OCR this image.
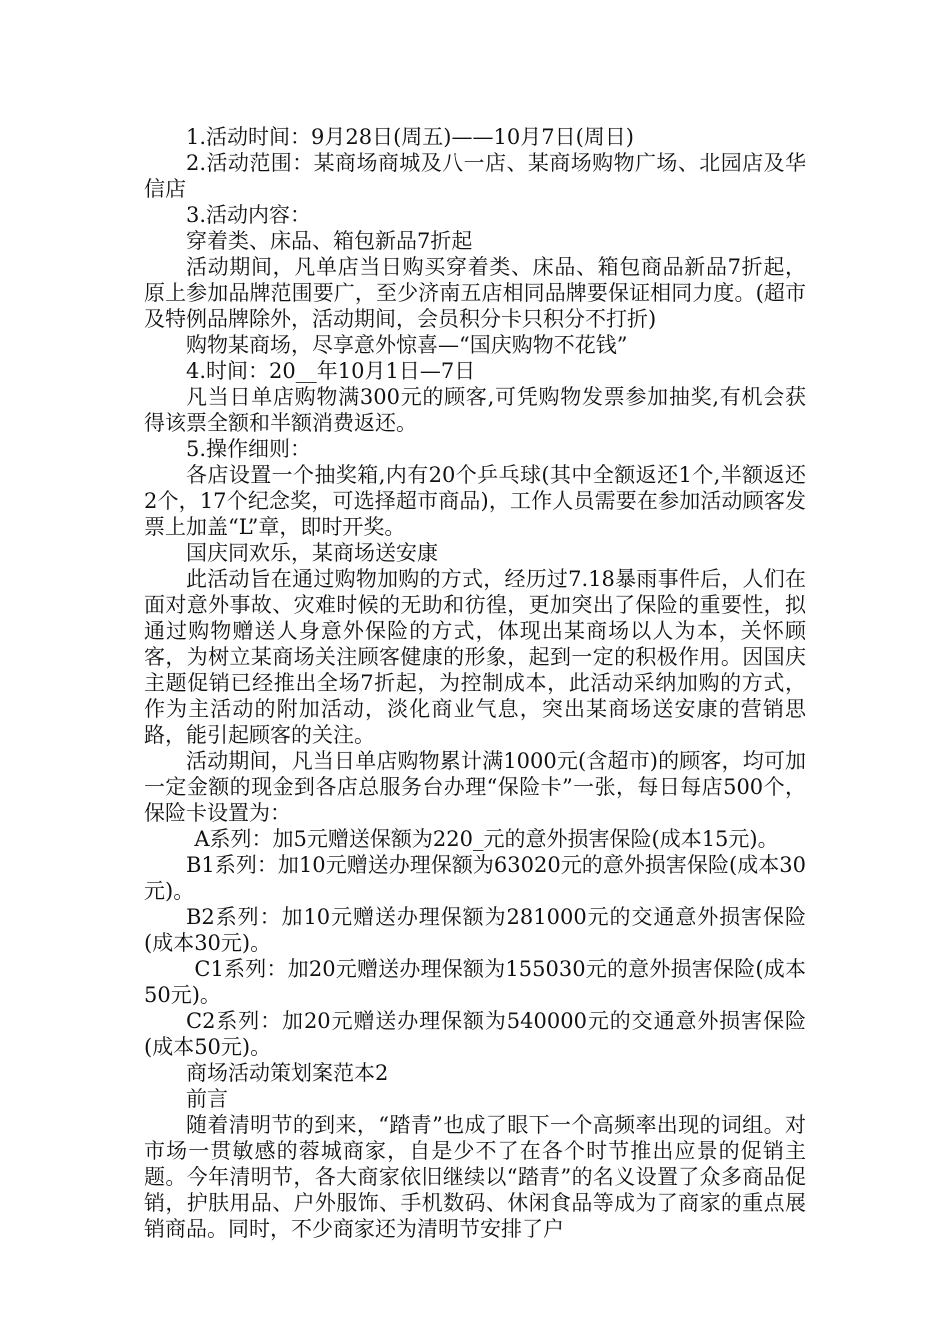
1.活动时间：9月28日(周五)——10月7日(周日)

2.活动范围：某商场商城及八一店、某商场购物广场、北园店及华信店

3.活动内容：

穿着类、床品、箱包新品7折起

活动期间，凡单店当日购买穿着类、床品、箱包商品新品7折起，原上参加品牌范围要广，至少济南五店相同品牌要保证相同力度。(超市及特例品牌除外，活动期间，会员积分卡只积分不打折)

购物某商场，尽享意外惊喜—“国庆购物不花钱”

4.时间：20__年10月1日—7日

凡当日单店购物满300元的顾客,可凭购物发票参加抽奖,有机会获得该票全额和半额消费返还。

5.操作细则：

各店设置一个抽奖箱,内有20个乒乓球(其中全额返还1个,半额返还2个，17个纪念奖，可选择超市商品)，工作人员需要在参加活动顾客发票上加盖“L”章，即时开奖。

国庆同欢乐，某商场送安康

此活动旨在通过购物加购的方式，经历过7.18暴雨事件后，人们在面对意外事故、灾难时候的无助和彷徨，更加突出了保险的重要性，拟通过购物赠送人身意外保险的方式，体现出某商场以人为本，关怀顾客，为树立某商场关注顾客健康的形象，起到一定的积极作用。因国庆主题促销已经推出全场7折起，为控制成本，此活动采纳加购的方式，作为主活动的附加活动，淡化商业气息，突出某商场送安康的营销思路，能引起顾客的关注。

活动期间，凡当日单店购物累计满1000元(含超市)的顾客，均可加一定金额的现金到各店总服务台办理“保险卡”一张，每日每店500个，保险卡设置为：

A系列：加5元赠送保额为220_元的意外损害保险(成本15元)。

B1系列：加10元赠送办理保额为63020元的意外损害保险(成本30元)。

B2系列：加10元赠送办理保额为281000元的交通意外损害保险(成本30元)。

C1系列：加20元赠送办理保额为155030元的意外损害保险(成本50元)。

C2系列：加20元赠送办理保额为540000元的交通意外损害保险(成本50元)。

商场活动策划案范本2

前言

随着清明节的到来，“踏青”也成了眼下一个高频率出现的词组。对市场一贯敏感的蓉城商家，自是少不了在各个时节推出应景的促销主题。今年清明节，各大商家依旧继续以“踏青”的名义设置了众多商品促销，护肤用品、户外服饰、手机数码、休闲食品等成为了商家的重点展销商品。同时，不少商家还为清明节安排了户
